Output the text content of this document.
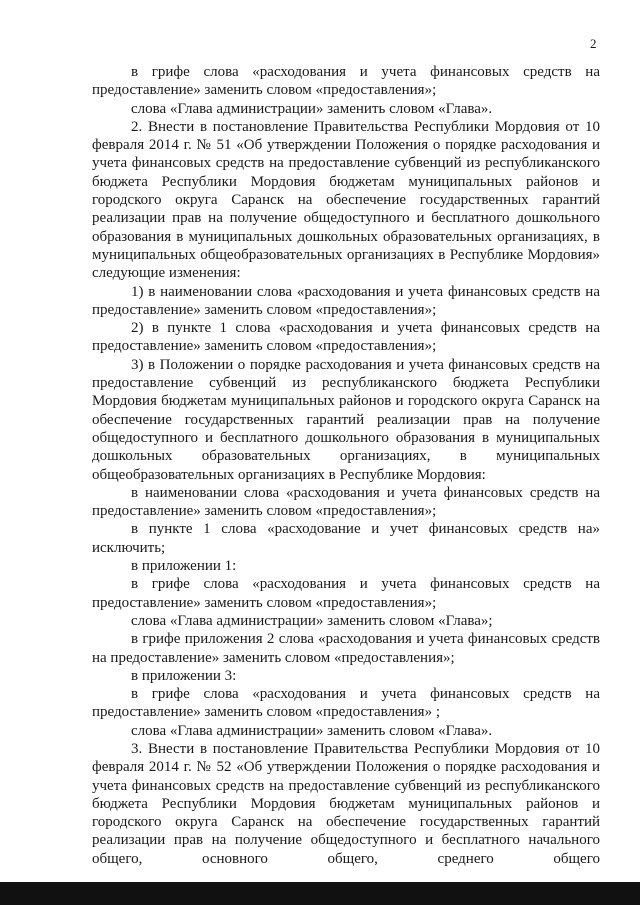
2

в грифе слова «расходования и учета финансовых средств на предоставление» заменить словом «предоставления»;

слова «Глава администрации» заменить словом «Глава».

2. Внести в постановление Правительства Республики Мордовия от 10 февраля 2014 г. № 51 «Об утверждении Положения о порядке расходования и учета финансовых средств на предоставление субвенций из республиканского бюджета Республики Мордовия бюджетам муниципальных районов и городского округа Саранск на обеспечение государственных гарантий реализации прав на получение общедоступного и бесплатного дошкольного образования в муниципальных дошкольных образовательных организациях, в муниципальных общеобразовательных организациях в Республике Мордовия» следующие изменения:

1) в наименовании слова «расходования и учета финансовых средств на предоставление» заменить словом «предоставления»;

2) в пункте 1 слова «расходования и учета финансовых средств на предоставление» заменить словом «предоставления»;

3) в Положении о порядке расходования и учета финансовых средств на предоставление субвенций из республиканского бюджета Республики Мордовия бюджетам муниципальных районов и городского округа Саранск на обеспечение государственных гарантий реализации прав на получение общедоступного и бесплатного дошкольного образования в муниципальных дошкольных образовательных организациях, в муниципальных общеобразовательных организациях в Республике Мордовия:

в наименовании слова «расходования и учета финансовых средств на предоставление» заменить словом «предоставления»;

в пункте 1 слова «расходование и учет финансовых средств на» исключить;

в приложении 1:

в грифе слова «расходования и учета финансовых средств на предоставление» заменить словом «предоставления»;

слова «Глава администрации» заменить словом «Глава»;

в грифе приложения 2 слова «расходования и учета финансовых средств на предоставление» заменить словом «предоставления»;

в приложении 3:

в грифе слова «расходования и учета финансовых средств на предоставление» заменить словом «предоставления» ;

слова «Глава администрации» заменить словом «Глава».

3. Внести в постановление Правительства Республики Мордовия от 10 февраля 2014 г. № 52 «Об утверждении Положения о порядке расходования и учета финансовых средств на предоставление субвенций из республиканского бюджета Республики Мордовия бюджетам муниципальных районов и городского округа Саранск на обеспечение государственных гарантий реализации прав на получение общедоступного и бесплатного начального общего, основного общего, среднего общего
